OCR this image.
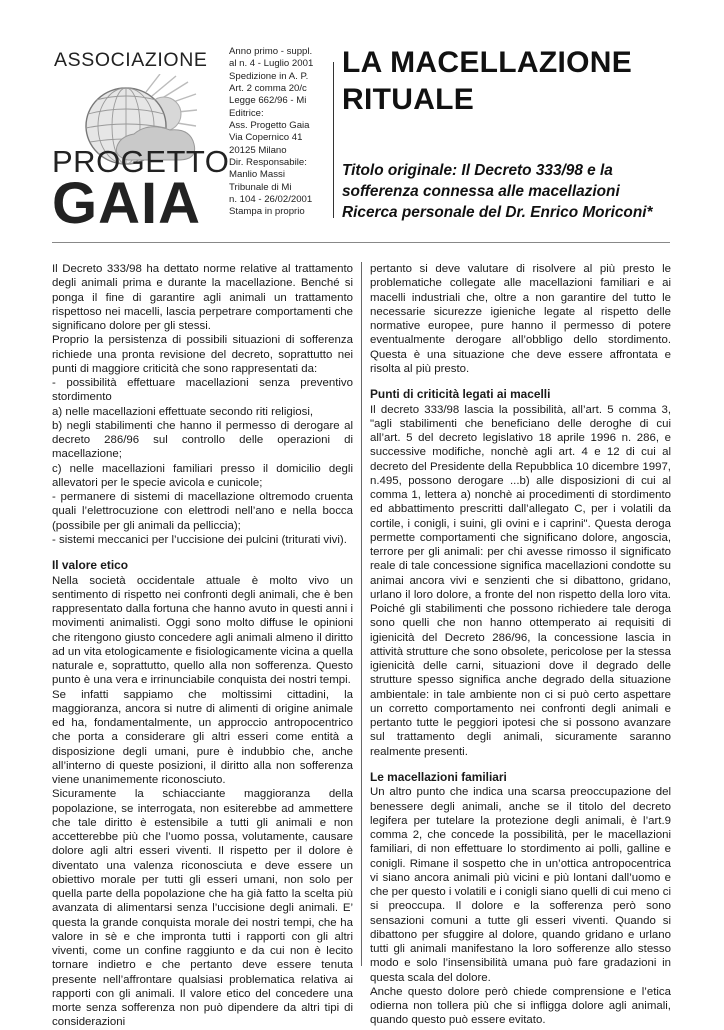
ASSOCIAZIONE
PROGETTO
GAIA
Anno primo - suppl.
al n. 4 - Luglio 2001
Spedizione in A. P.
Art. 2 comma 20/c
Legge 662/96 - Mi
Editrice:
Ass. Progetto Gaia
Via Copernico 41
20125 Milano
Dir. Responsabile:
Manlio Massi
Tribunale di Mi
n. 104 - 26/02/2001
Stampa in proprio
LA MACELLAZIONE
RITUALE

Titolo originale: Il Decreto 333/98 e la
sofferenza connessa alle macellazioni
Ricerca personale del Dr. Enrico Moriconi*

Il Decreto 333/98 ha dettato norme relative al trattamento degli animali prima e durante la macellazione. Benché si ponga il fine di garantire agli animali un trattamento rispettoso nei macelli, lascia perpetrare comportamenti che significano dolore per gli stessi.

Proprio la persistenza di possibili situazioni di sofferenza richiede una pronta revisione del decreto, soprattutto nei punti di maggiore criticità che sono rappresentati da:

- possibilità effettuare macellazioni senza preventivo stordimento

a) nelle macellazioni effettuate secondo riti religiosi,

b) negli stabilimenti che hanno il permesso di derogare al decreto 286/96 sul controllo delle operazioni di macellazione;

c) nelle macellazioni familiari presso il domicilio degli allevatori per le specie avicola e cunicole;

- permanere di sistemi di macellazione oltremodo cruenta quali l’elettrocuzione con elettrodi nell’ano e nella bocca (possibile per gli animali da pelliccia);

- sistemi meccanici per l’uccisione dei pulcini (triturati vivi).

Il valore etico

Nella società occidentale attuale è molto vivo un sentimento di rispetto nei confronti degli animali, che è ben rappresentato dalla fortuna che hanno avuto in questi anni i movimenti animalisti. Oggi sono molto diffuse le opinioni che ritengono giusto concedere agli animali almeno il diritto ad un vita etologicamente e fisiologicamente vicina a quella naturale e, soprattutto, quello alla non sofferenza. Questo punto è una vera e irrinunciabile conquista dei nostri tempi.

Se infatti sappiamo che moltissimi cittadini, la maggioranza, ancora si nutre di alimenti di origine animale ed ha, fondamentalmente, un approccio antropocentrico che porta a considerare gli altri esseri come entità a disposizione degli umani, pure è indubbio che, anche all’interno di queste posizioni, il diritto alla non sofferenza viene unanimemente riconosciuto.

Sicuramente la schiacciante maggioranza della popolazione, se interrogata, non esiterebbe ad ammettere che tale diritto è estensibile a tutti gli animali e non accetterebbe più che l’uomo possa, volutamente, causare dolore agli altri esseri viventi. Il rispetto per il dolore è diventato una valenza riconosciuta e deve essere un obiettivo morale per tutti gli esseri umani, non solo per quella parte della popolazione che ha già fatto la scelta più avanzata di alimentarsi senza l’uccisione degli animali. E’ questa la grande conquista morale dei nostri tempi, che ha valore in sè e che impronta tutti i rapporti con gli altri viventi, come un confine raggiunto e da cui non è lecito tornare indietro e che pertanto deve essere tenuta presente nell’affrontare qualsiasi problematica relativa ai rapporti con gli animali. Il valore etico del concedere una morte senza sofferenza non può dipendere da altri tipi di considerazioni

pertanto si deve valutare di risolvere al più presto le problematiche collegate alle macellazioni familiari e ai macelli industriali che, oltre a non garantire del tutto le necessarie sicurezze igieniche legate al rispetto delle normative europee, pure hanno il permesso di potere eventualmente derogare all’obbligo dello stordimento. Questa è una situazione che deve essere affrontata e risolta al più presto.

Punti di criticità legati ai macelli

Il decreto 333/98 lascia la possibilità, all’art. 5 comma 3, "agli stabilimenti che beneficiano delle deroghe di cui all’art. 5 del decreto legislativo 18 aprile 1996 n. 286, e successive modifiche, nonchè agli art. 4 e 12 di cui al decreto del Presidente della Repubblica 10 dicembre 1997, n.495, possono derogare ...b) alle disposizioni di cui al comma 1, lettera a) nonchè ai procedimenti di stordimento ed abbattimento prescritti dall’allegato C, per i volatili da cortile, i conigli, i suini, gli ovini e i caprini". Questa deroga permette comportamenti che significano dolore, angoscia, terrore per gli animali: per chi avesse rimosso il significato reale di tale concessione significa macellazioni condotte su animai ancora vivi e senzienti che si dibattono, gridano, urlano il loro dolore, a fronte del non rispetto della loro vita. Poiché gli stabilimenti che possono richiedere tale deroga sono quelli che non hanno ottemperato ai requisiti di igienicità del Decreto 286/96, la concessione lascia in attività strutture che sono obsolete, pericolose per la stessa igienicità delle carni, situazioni dove il degrado delle strutture spesso significa anche degrado della situazione ambientale: in tale ambiente non ci si può certo aspettare un corretto comportamento nei confronti degli animali e pertanto tutte le peggiori ipotesi che si possono avanzare sul trattamento degli animali, sicuramente saranno realmente presenti.

Le macellazioni familiari

Un altro punto che indica una scarsa preoccupazione del benessere degli animali, anche se il titolo del decreto legifera per tutelare la protezione degli animali, è l’art.9 comma 2, che concede la possibilità, per le macellazioni familiari, di non effettuare lo stordimento ai polli, galline e conigli. Rimane il sospetto che in un’ottica antropocentrica vi siano ancora animali più vicini e più lontani dall’uomo e che per questo i volatili e i conigli siano quelli di cui meno ci si preoccupa. Il dolore e la sofferenza però sono sensazioni comuni a tutte gli esseri viventi. Quando si dibattono per sfuggire al dolore, quando gridano e urlano tutti gli animali manifestano la loro sofferenze allo stesso modo e solo l’insensibilità umana può fare gradazioni in questa scala del dolore.

Anche questo dolore però chiede comprensione e l’etica odierna non tollera più che si infligga dolore agli animali, quando questo può essere evitato.
